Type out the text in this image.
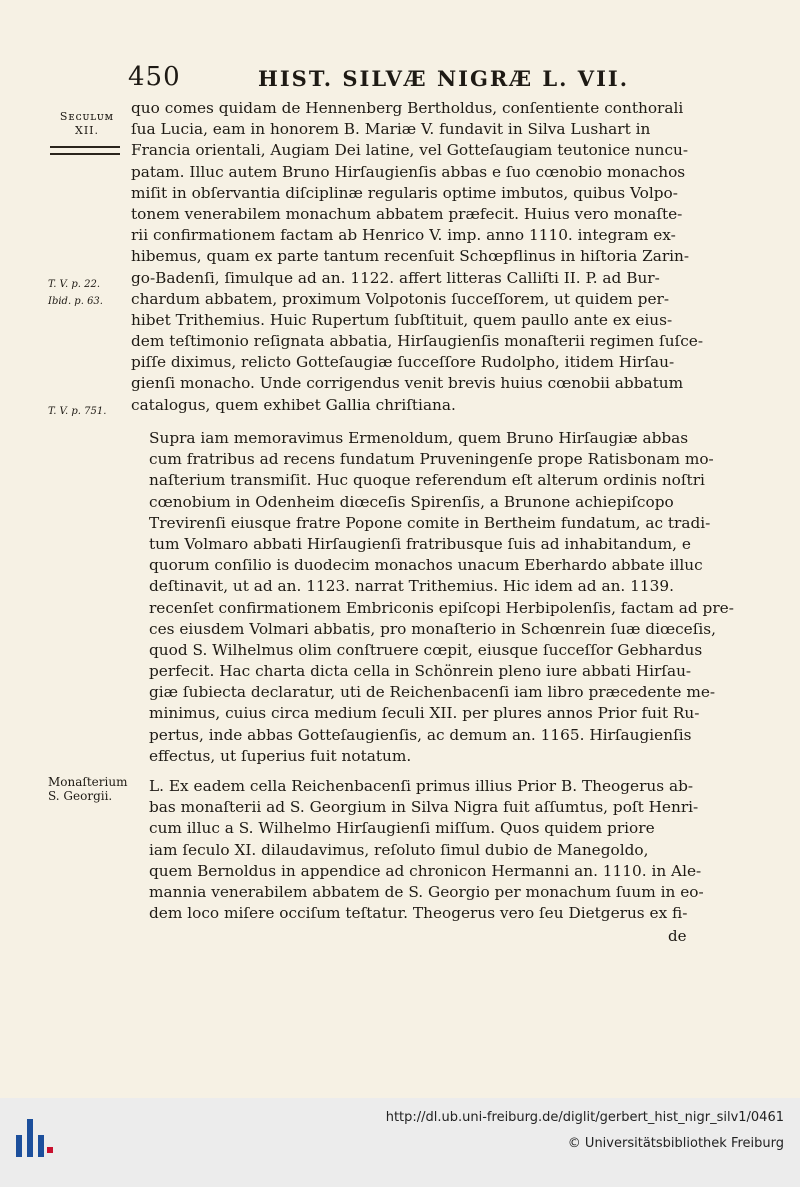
450	HIST. SILVÆ NIGRÆ L. VII.
Sᴇᴄᴜʟᴜᴍ
XII.
T. V. p. 22.
Ibid. p. 63.
T. V. p. 751.
Monaſterium
S. Georgii.
quo comes quidam de Hennenberg Bertholdus, conſentiente conthorali
ſua Lucia, eam in honorem B. Mariæ V. fundavit in Silva Lushart in
Francia orientali, Augiam Dei latine, vel Gotteſaugiam teutonice nuncu-
patam. Illuc autem Bruno Hirſaugienſis abbas e ſuo cœnobio monachos
miſit in obſervantia diſciplinæ regularis optime imbutos, quibus Volpo-
tonem venerabilem monachum abbatem præfecit. Huius vero monaſte-
rii confirmationem factam ab Henrico V. imp. anno 1110. integram ex-
hibemus, quam ex parte tantum recenſuit Schœpflinus in hiſtoria Zarin-
go-Badenſi, ſimulque ad an. 1122. affert litteras Calliſti II. P. ad Bur-
chardum abbatem, proximum Volpotonis ſucceſſorem, ut quidem per-
hibet Trithemius. Huic Rupertum ſubſtituit, quem paullo ante ex eius-
dem teſtimonio reſignata abbatia, Hirſaugienſis monaſterii regimen ſuſce-
piſſe diximus, relicto Gotteſaugiæ ſucceſſore Rudolpho, itidem Hirſau-
gienſi monacho. Unde corrigendus venit brevis huius cœnobii abbatum
catalogus, quem exhibet Gallia chriſtiana.
Supra iam memoravimus Ermenoldum, quem Bruno Hirſaugiæ abbas
cum fratribus ad recens fundatum Pruveningenſe prope Ratisbonam mo-
naſterium transmiſit. Huc quoque referendum eſt alterum ordinis noſtri
cœnobium in Odenheim diœceſis Spirenſis, a Brunone achiepiſcopo
Trevirenſi eiusque fratre Popone comite in Bertheim fundatum, ac tradi-
tum Volmaro abbati Hirſaugienſi fratribusque ſuis ad inhabitandum, e
quorum conſilio is duodecim monachos unacum Eberhardo abbate illuc
deſtinavit, ut ad an. 1123. narrat Trithemius. Hic idem ad an. 1139.
recenſet confirmationem Embriconis epiſcopi Herbipolenſis, factam ad pre-
ces eiusdem Volmari abbatis, pro monaſterio in Schœnrein ſuæ diœceſis,
quod S. Wilhelmus olim conſtruere cœpit, eiusque ſucceſſor Gebhardus
perfecit. Hac charta dicta cella in Schönrein pleno iure abbati Hirſau-
giæ ſubiecta declaratur, uti de Reichenbacenſi iam libro præcedente me-
minimus, cuius circa medium ſeculi XII. per plures annos Prior fuit Ru-
pertus, inde abbas Gotteſaugienſis, ac demum an. 1165. Hirſaugienſis
effectus, ut ſuperius fuit notatum.
L. Ex eadem cella Reichenbacenſi primus illius Prior B. Theogerus ab-
bas monaſterii ad S. Georgium in Silva Nigra fuit aſſumtus, poſt Henri-
cum illuc a S. Wilhelmo Hirſaugienſi miſſum. Quos quidem priore
iam ſeculo XI. dilaudavimus, reſoluto ſimul dubio de Manegoldo,
quem Bernoldus in appendice ad chronicon Hermanni an. 1110. in Ale-
mannia venerabilem abbatem de S. Georgio per monachum ſuum in eo-
dem loco miſere occiſum teſtatur. Theogerus vero ſeu Dietgerus ex fi-
de
http://dl.ub.uni-freiburg.de/diglit/gerbert_hist_nigr_silv1/0461
© Universitätsbibliothek Freiburg
